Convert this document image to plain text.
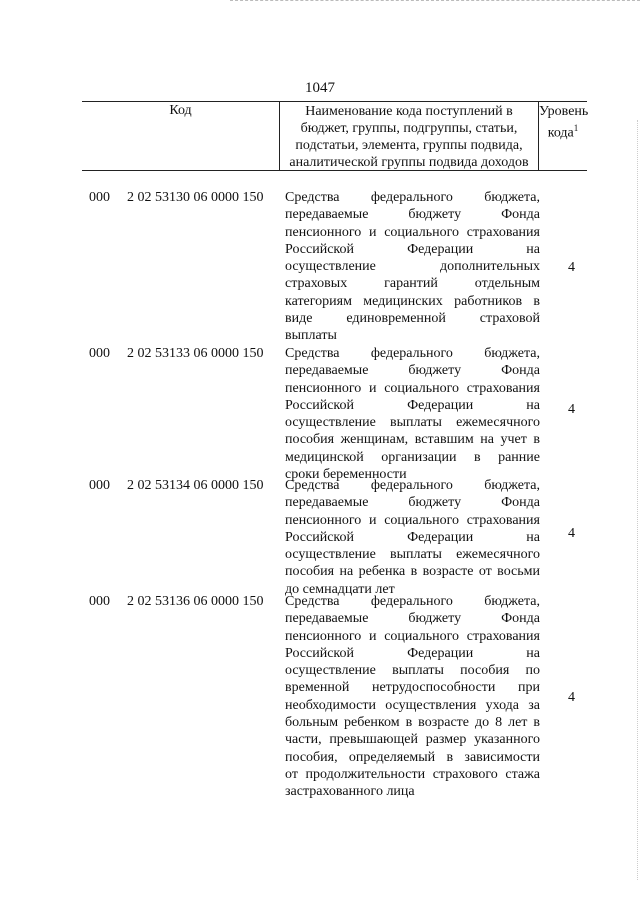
1047
Код	Наименование кода поступлений в
бюджет, группы, подгруппы, статьи,
подстатьи, элемента, группы подвида,
аналитической группы подвида доходов
Уровень
кода$^1$
000 2 02 53130 06 0000 150 Средства федерального бюджета,
передаваемые бюджету Фонда
пенсионного и социального страхования
Российской Федерации на
осуществление дополнительных
страховых гарантий отдельным
категориям медицинских работников в
виде единовременной страховой
выплаты
4
000 2 02 53133 06 0000 150 Средства федерального бюджета,
передаваемые бюджету Фонда
пенсионного и социального страхования
Российской Федерации на
осуществление выплаты ежемесячного
пособия женщинам, вставшим на учет в
медицинской организации в ранние
сроки беременности
4
000 2 02 53134 06 0000 150 Средства федерального бюджета,
передаваемые бюджету Фонда
пенсионного и социального страхования
Российской Федерации на
осуществление выплаты ежемесячного
пособия на ребенка в возрасте от восьми
до семнадцати лет
4
000 2 02 53136 06 0000 150 Средства федерального бюджета,
передаваемые бюджету Фонда
пенсионного и социального страхования
Российской Федерации на
осуществление выплаты пособия по
временной нетрудоспособности при
необходимости осуществления ухода за
больным ребенком в возрасте до 8 лет в
части, превышающей размер указанного
пособия, определяемый в зависимости
от продолжительности страхового стажа
застрахованного лица
4
